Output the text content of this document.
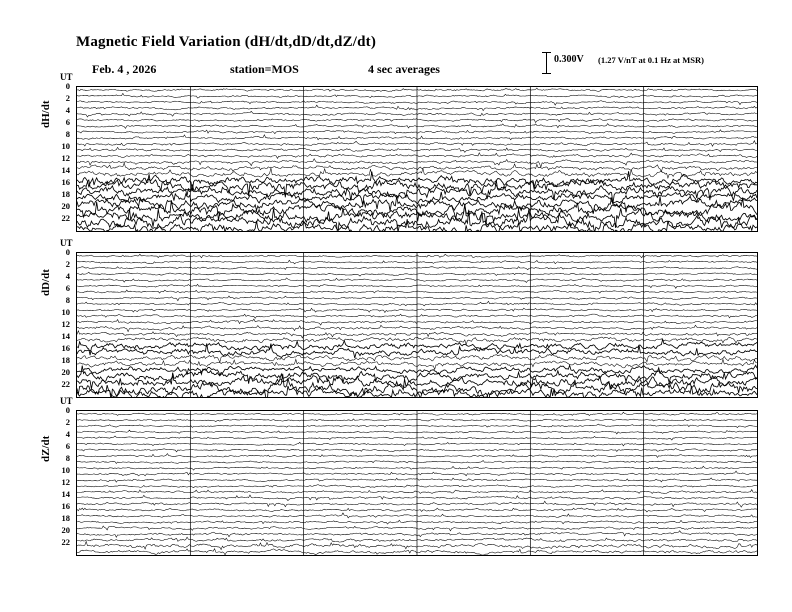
Magnetic Field Variation (dH/dt,dD/dt,dZ/dt)
Feb. 4 , 2026	station=MOS	4 sec averages
0.300V (1.27 V/nT at 0.1 Hz at MSR)
UT
dH/dt
0
2
4
6
8
10
12
14
16
18
20
22
UT
dD/dt
0
2
4
6
8
10
12
14
16
18
20
22
UT
dZ/dt
0
2
4
6
8
10
12
14
16
18
20
22
